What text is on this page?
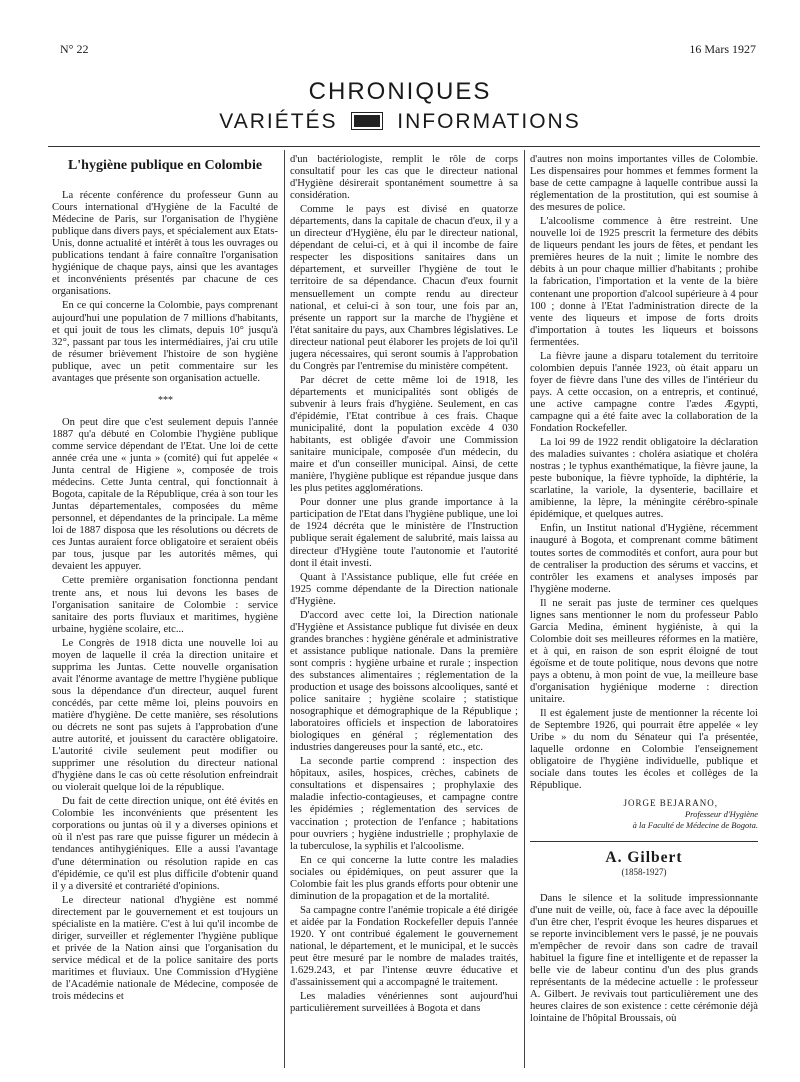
N° 22	16 Mars 1927
CHRONIQUES
VARIÉTÉS	INFORMATIONS
L'hygiène publique en Colombie

La récente conférence du professeur Gunn au Cours international d'Hygiène de la Faculté de Médecine de Paris, sur l'organisation de l'hygiène publique dans divers pays, et spécialement aux Etats-Unis, donne actualité et intérêt à tous les ouvrages ou publications tendant à faire connaître l'organisation hygiénique de chaque pays, ainsi que les avantages et inconvénients présentés par chacune de ces organisations.

En ce qui concerne la Colombie, pays comprenant aujourd'hui une population de 7 millions d'habitants, et qui jouit de tous les climats, depuis 10° jusqu'à 32°, passant par tous les intermédiaires, j'ai cru utile de résumer brièvement l'histoire de son hygiène publique, avec un petit commentaire sur les avantages que présente son organisation actuelle.

* * *

On peut dire que c'est seulement depuis l'année 1887 qu'a débuté en Colombie l'hygiène publique comme service dépendant de l'Etat. Une loi de cette année créa une « junta » (comité) qui fut appelée « Junta central de Higiene », composée de trois médecins. Cette Junta central, qui fonctionnait à Bogota, capitale de la République, créa à son tour les Juntas départementales, composées du même personnel, et dépendantes de la principale. La même loi de 1887 disposa que les résolutions ou décrets de ces Juntas auraient force obligatoire et seraient obéis par tous, jusque par les autorités mêmes, qui devaient les appuyer.

Cette première organisation fonctionna pendant trente ans, et nous lui devons les bases de l'organisation sanitaire de Colombie : service sanitaire des ports fluviaux et maritimes, hygiène urbaine, hygiène scolaire, etc...

Le Congrès de 1918 dicta une nouvelle loi au moyen de laquelle il créa la direction unitaire et supprima les Juntas. Cette nouvelle organisation avait l'énorme avantage de mettre l'hygiène publique sous la dépendance d'un directeur, auquel furent concédés, par cette même loi, pleins pouvoirs en matière d'hygiène. De cette manière, ses résolutions ou décrets ne sont pas sujets à l'approbation d'une autre autorité, et jouissent du caractère obligatoire. L'autorité civile seulement peut modifier ou supprimer une résolution du directeur national d'hygiène dans le cas où cette résolution enfreindrait ou violerait quelque loi de la république.

Du fait de cette direction unique, ont été évités en Colombie les inconvénients que présentent les corporations ou juntas où il y a diverses opinions et où il n'est pas rare que puisse figurer un médecin à tendances antihygiéniques. Elle a aussi l'avantage d'une détermination ou résolution rapide en cas d'épidémie, ce qu'il est plus difficile d'obtenir quand il y a diversité et contrariété d'opinions.

Le directeur national d'hygiène est nommé directement par le gouvernement et est toujours un spécialiste en la matière. C'est à lui qu'il incombe de diriger, surveiller et réglementer l'hygiène publique et privée de la Nation ainsi que l'organisation du service médical et de la police sanitaire des ports maritimes et fluviaux. Une Commission d'Hygiène de l'Académie nationale de Médecine, composée de trois médecins et

d'un bactériologiste, remplit le rôle de corps consultatif pour les cas que le directeur national d'Hygiène désirerait spontanément soumettre à sa considération.

Comme le pays est divisé en quatorze départements, dans la capitale de chacun d'eux, il y a un directeur d'Hygiène, élu par le directeur national, dépendant de celui-ci, et à qui il incombe de faire respecter les dispositions sanitaires dans un département, et surveiller l'hygiène de tout le territoire de sa dépendance. Chacun d'eux fournit mensuellement un compte rendu au directeur national, et celui-ci à son tour, une fois par an, présente un rapport sur la marche de l'hygiène et l'état sanitaire du pays, aux Chambres législatives. Le directeur national peut élaborer les projets de loi qu'il jugera nécessaires, qui seront soumis à l'approbation du Congrès par l'entremise du ministère compétent.

Par décret de cette même loi de 1918, les départements et municipalités sont obligés de subvenir à leurs frais d'hygiène. Seulement, en cas d'épidémie, l'Etat contribue à ces frais. Chaque municipalité, dont la population excède 4 030 habitants, est obligée d'avoir une Commission sanitaire municipale, composée d'un médecin, du maire et d'un conseiller municipal. Ainsi, de cette manière, l'hygiène publique est répandue jusque dans les plus petites agglomérations.

Pour donner une plus grande importance à la participation de l'Etat dans l'hygiène publique, une loi de 1924 décréta que le ministère de l'Instruction publique serait également de salubrité, mais laissa au directeur d'Hygiène toute l'autonomie et l'autorité dont il était investi.

Quant à l'Assistance publique, elle fut créée en 1925 comme dépendante de la Direction nationale d'Hygiène.

D'accord avec cette loi, la Direction nationale d'Hygiène et Assistance publique fut divisée en deux grandes branches : hygiène générale et administrative et assistance publique nationale. Dans la première sont compris : hygiène urbaine et rurale ; inspection des substances alimentaires ; réglementation de la production et usage des boissons alcooliques, santé et police sanitaire ; hygiène scolaire ; statistique nosographique et démographique de la République ; laboratoires officiels et inspection de laboratoires biologiques en général ; réglementation des industries dangereuses pour la santé, etc., etc.

La seconde partie comprend : inspection des hôpitaux, asiles, hospices, crèches, cabinets de consultations et dispensaires ; prophylaxie des maladie infectio-contagieuses, et campagne contre les épidémies ; réglementation des services de vaccination ; protection de l'enfance ; habitations pour ouvriers ; hygiène industrielle ; prophylaxie de la tuberculose, la syphilis et l'alcoolisme.

En ce qui concerne la lutte contre les maladies sociales ou épidémiques, on peut assurer que la Colombie fait les plus grands efforts pour obtenir une diminution de la propagation et de la mortalité.

Sa campagne contre l'anémie tropicale a été dirigée et aidée par la Fondation Rockefeller depuis l'année 1920. Y ont contribué également le gouvernement national, le département, et le municipal, et le succès peut être mesuré par le nombre de malades traités, 1.629.243, et par l'intense œuvre éducative et d'assainissement qui a accompagné le traitement.

Les maladies vénériennes sont aujourd'hui particulièrement surveillées à Bogota et dans

d'autres non moins importantes villes de Colombie. Les dispensaires pour hommes et femmes forment la base de cette campagne à laquelle contribue aussi la réglementation de la prostitution, qui est soumise à des mesures de police.

L'alcoolisme commence à être restreint. Une nouvelle loi de 1925 prescrit la fermeture des débits de liqueurs pendant les jours de fêtes, et pendant les premières heures de la nuit ; limite le nombre des débits à un pour chaque millier d'habitants ; prohibe la fabrication, l'importation et la vente de la bière contenant une proportion d'alcool supérieure à 4 pour 100 ; donne à l'Etat l'administration directe de la vente des liqueurs et impose de forts droits d'importation à toutes les liqueurs et boissons fermentées.

La fièvre jaune a disparu totalement du territoire colombien depuis l'année 1923, où était apparu un foyer de fièvre dans l'une des villes de l'intérieur du pays. A cette occasion, on a entrepris, et continué, une active campagne contre l'ædes Ægypti, campagne qui a été faite avec la collaboration de la Fondation Rockefeller.

La loi 99 de 1922 rendit obligatoire la déclaration des maladies suivantes : choléra asiatique et choléra nostras ; le typhus exanthématique, la fièvre jaune, la peste bubonique, la fièvre typhoïde, la diphtérie, la scarlatine, la variole, la dysenterie, bacillaire et amibienne, la lèpre, la méningite cérébro-spinale épidémique, et quelques autres.

Enfin, un Institut national d'Hygiène, récemment inauguré à Bogota, et comprenant comme bâtiment toutes sortes de commodités et confort, aura pour but de centraliser la production des sérums et vaccins, et contrôler les examens et analyses imposés par l'hygiène moderne.

Il ne serait pas juste de terminer ces quelques lignes sans mentionner le nom du professeur Pablo Garcia Medina, éminent hygiéniste, à qui la Colombie doit ses meilleures réformes en la matière, et à qui, en raison de son esprit éloigné de tout égoïsme et de toute politique, nous devons que notre pays a obtenu, à mon point de vue, la meilleure base d'organisation hygiénique moderne : direction unitaire.

Il est également juste de mentionner la récente loi de Septembre 1926, qui pourrait être appelée « ley Uribe » du nom du Sénateur qui l'a présentée, laquelle ordonne en Colombie l'enseignement obligatoire de l'hygiène individuelle, publique et sociale dans toutes les écoles et collèges de la République.

JORGE BEJARANO,
Professeur d'Hygiène
à la Faculté de Médecine de Bogota.
A. Gilbert
(1858-1927)

Dans le silence et la solitude impressionnante d'une nuit de veille, où, face à face avec la dépouille d'un être cher, l'esprit évoque les heures disparues et se reporte invinciblement vers le passé, je ne pouvais m'empêcher de revoir dans son cadre de travail habituel la figure fine et intelligente et de repasser la belle vie de labeur continu d'un des plus grands représentants de la médecine actuelle : le professeur A. Gilbert. Je revivais tout particulièrement une des heures claires de son existence : cette cérémonie déjà lointaine de l'hôpital Broussais, où
